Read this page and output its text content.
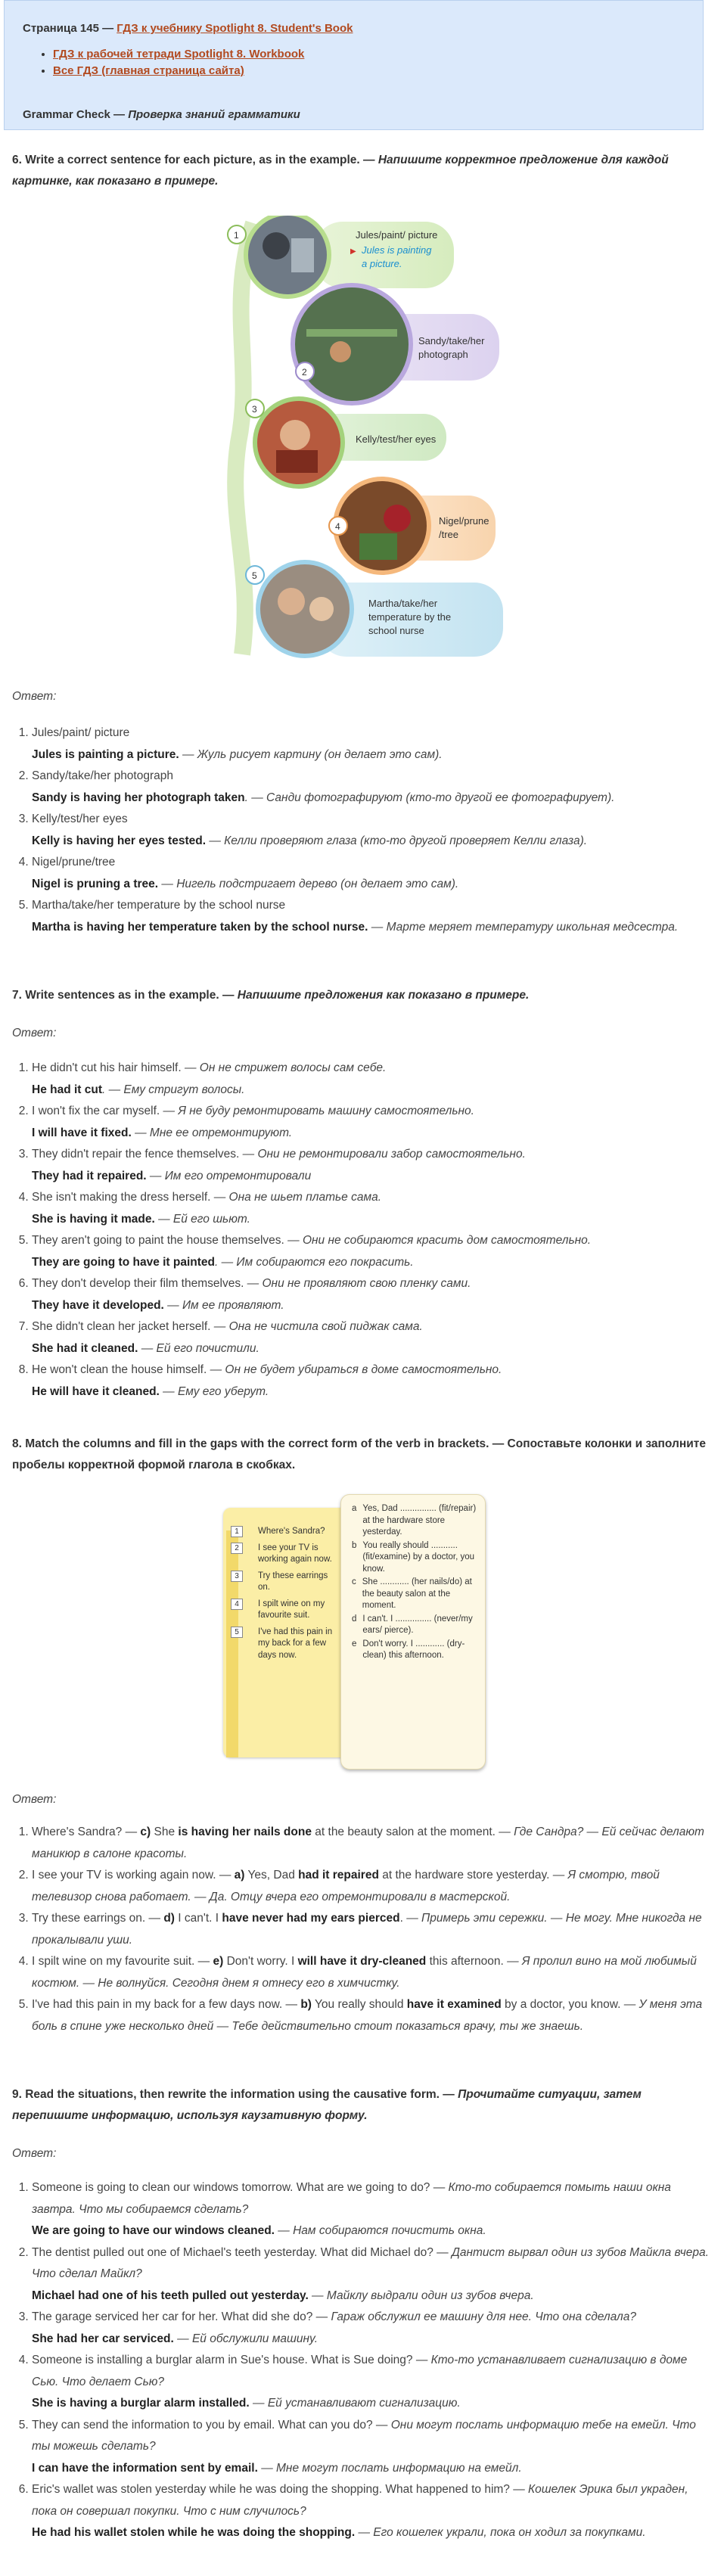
Страница 145 — ГДЗ к учебнику Spotlight 8. Student's Book
• ГДЗ к рабочей тетради Spotlight 8. Workbook
• Все ГДЗ (главная страница сайта)
Grammar Check — Проверка знаний грамматики
6. Write a correct sentence for each picture, as in the example. — Напишите корректное предложение для каждой картинке, как показано в примере.
1	Jules/paint/ picture
Jules is painting
a picture.
▶
2
Sandy/take/her
photograph
3
Kelly/test/her eyes
4	Nigel/prune
/tree
5
Martha/take/her
temperature by the
school nurse
Ответ:
1. Jules/paint/ picture
Jules is painting a picture. — Жуль рисует картину (он делает это сам).
2. Sandy/take/her photograph
Sandy is having her photograph taken. — Санди фотографируют (кто-то другой ее фотографирует).
3. Kelly/test/her eyes
Kelly is having her eyes tested. — Келли проверяют глаза (кто-то другой проверяет Келли глаза).
4. Nigel/prune/tree
Nigel is pruning a tree. — Нигель подстригает дерево (он делает это сам).
5. Martha/take/her temperature by the school nurse
Martha is having her temperature taken by the school nurse. — Марте меряет температуру школьная медсестра.
7. Write sentences as in the example. — Напишите предложения как показано в примере.
Ответ:
1. He didn't cut his hair himself. — Он не стрижет волосы сам себе.
He had it cut. — Ему стригут волосы.
2. I won't fix the car myself. — Я не буду ремонтировать машину самостоятельно.
I will have it fixed. — Мне ее отремонтируют.
3. They didn't repair the fence themselves. — Они не ремонтировали забор самостоятельно.
They had it repaired. — Им его отремонтировали
4. She isn't making the dress herself. — Она не шьет платье сама.
She is having it made. — Ей его шьют.
5. They aren't going to paint the house themselves. — Они не собираются красить дом самостоятельно.
They are going to have it painted. — Им собираются его покрасить.
6. They don't develop their film themselves. — Они не проявляют свою пленку сами.
They have it developed. — Им ее проявляют.
7. She didn't clean her jacket herself. — Она не чистила свой пиджак сама.
She had it cleaned. — Ей его почистили.
8. He won't clean the house himself. — Он не будет убираться в доме самостоятельно.
He will have it cleaned. — Ему его уберут.
8. Match the columns and fill in the gaps with the correct form of the verb in brackets. — Сопоставьте колонки и заполните пробелы корректной формой глагола в скобках.
1	Where's Sandra?
2	I see your TV is working again now.
3	Try these earrings on.
4	I spilt wine on my favourite suit.
5	I've had this pain in my back for a few days now.
a Yes, Dad ............... (fit/repair) at the hardware store yesterday.
b You really should ........... (fit/examine) by a doctor, you know.
c She ............ (her nails/do) at the beauty salon at the moment.
d I can't. I ............... (never/my ears/ pierce).
e Don't worry. I ............ (dry-clean) this afternoon.
Ответ:
1. Where's Sandra? — c) She is having her nails done at the beauty salon at the moment. — Где Сандра? — Ей сейчас делают маникюр в салоне красоты.
2. I see your TV is working again now. — a) Yes, Dad had it repaired at the hardware store yesterday. — Я смотрю, твой телевизор снова работает. — Да. Отцу вчера его отремонтировали в мастерской.
3. Try these earrings on. — d) I can't. I have never had my ears pierced. — Примерь эти сережки. — Не могу. Мне никогда не прокалывали уши.
4. I spilt wine on my favourite suit. — e) Don't worry. I will have it dry-cleaned this afternoon. — Я пролил вино на мой любимый костюм. — Не волнуйся. Сегодня днем я отнесу его в химчистку.
5. I've had this pain in my back for a few days now. — b) You really should have it examined by a doctor, you know. — У меня эта боль в спине уже несколько дней — Тебе действительно стоит показаться врачу, ты же знаешь.
9. Read the situations, then rewrite the information using the causative form. — Прочитайте ситуации, затем перепишите информацию, используя каузативную форму.
Ответ:
1. Someone is going to clean our windows tomorrow. What are we going to do? — Кто-то собирается помыть наши окна завтра. Что мы собираемся сделать?
We are going to have our windows cleaned. — Нам собираются почистить окна.
2. The dentist pulled out one of Michael's teeth yesterday. What did Michael do? — Дантист вырвал один из зубов Майкла вчера. Что сделал Майкл?
Michael had one of his teeth pulled out yesterday. — Майклу выдрали один из зубов вчера.
3. The garage serviced her car for her. What did she do? — Гараж обслужил ее машину для нее. Что она сделала?
She had her car serviced. — Ей обслужили машину.
4. Someone is installing a burglar alarm in Sue's house. What is Sue doing? — Кто-то устанавливает сигнализацию в доме Сью. Что делает Сью?
She is having a burglar alarm installed. — Ей устанавливают сигнализацию.
5. They can send the information to you by email. What can you do? — Они могут послать информацию тебе на емейл. Что ты можешь сделать?
I can have the information sent by email. — Мне могут послать информацию на емейл.
6. Eric's wallet was stolen yesterday while he was doing the shopping. What happened to him? — Кошелек Эрика был украден, пока он совершал покупки. Что с ним случилось?
He had his wallet stolen while he was doing the shopping. — Его кошелек украли, пока он ходил за покупками.
